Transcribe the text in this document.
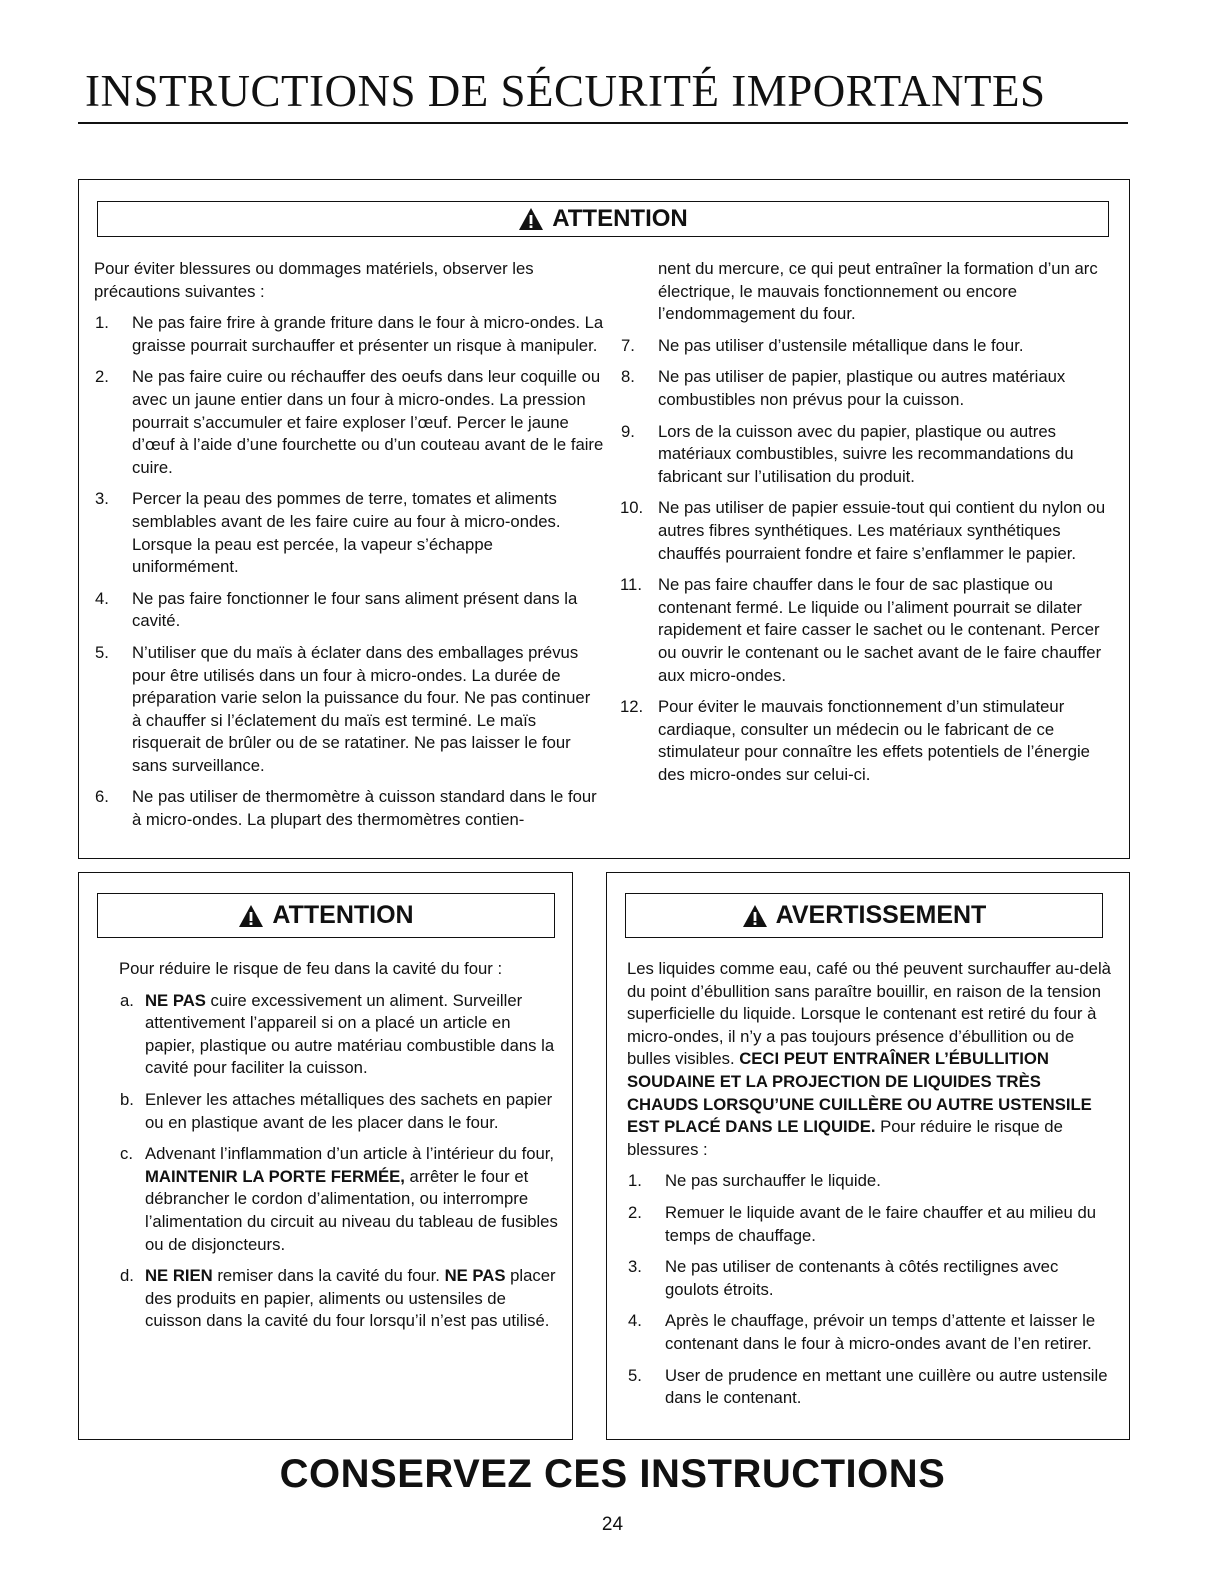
INSTRUCTIONS DE SÉCURITÉ IMPORTANTES
ATTENTION
Pour éviter blessures ou dommages matériels, observer les précautions suivantes :
1.	Ne pas faire frire à grande friture dans le four à micro-ondes. La graisse pourrait surchauffer et présenter un risque à manipuler.
2.	Ne pas faire cuire ou réchauffer des oeufs dans leur coquille ou avec un jaune entier dans un four à micro-ondes. La pression pourrait s’accumuler et faire exploser l’œuf. Percer le jaune d’œuf à l’aide d’une fourchette ou d’un couteau avant de le faire cuire.
3.	Percer la peau des pommes de terre, tomates et aliments semblables avant de les faire cuire au four à micro-ondes. Lorsque la peau est percée, la vapeur s’échappe uniformément.
4.	Ne pas faire fonctionner le four sans aliment présent dans la cavité.
5.	N’utiliser que du maïs à éclater dans des emballages prévus pour être utilisés dans un four à micro-ondes. La durée de préparation varie selon la puissance du four. Ne pas continuer à chauffer si l’éclatement du maïs est terminé. Le maïs risquerait de brûler ou de se ratatiner. Ne pas laisser le four sans surveillance.
6.	Ne pas utiliser de thermomètre à cuisson standard dans le four à micro-ondes. La plupart des thermomètres contien-
nent du mercure, ce qui peut entraîner la formation d’un arc électrique, le mauvais fonctionnement ou encore l’endommagement du four.
7.	Ne pas utiliser d’ustensile métallique dans le four.
8.	Ne pas utiliser de papier, plastique ou autres matériaux combustibles non prévus pour la cuisson.
9.	Lors de la cuisson avec du papier, plastique ou autres matériaux combustibles, suivre les recommandations du fabricant sur l’utilisation du produit.
10. Ne pas utiliser de papier essuie-tout qui contient du nylon ou autres fibres synthétiques. Les matériaux synthétiques chauffés pourraient fondre et faire s’enflammer le papier.
11. Ne pas faire chauffer dans le four de sac plastique ou contenant fermé. Le liquide ou l’aliment pourrait se dilater rapidement et faire casser le sachet ou le contenant. Percer ou ouvrir le contenant ou le sachet avant de le faire chauffer aux micro-ondes.
12. Pour éviter le mauvais fonctionnement d’un stimulateur cardiaque, consulter un médecin ou le fabricant de ce stimulateur pour connaître les effets potentiels de l’énergie des micro-ondes sur celui-ci.
ATTENTION
Pour réduire le risque de feu dans la cavité du four :
a. NE PAS cuire excessivement un aliment. Surveiller attentivement l’appareil si on a placé un article en papier, plastique ou autre matériau combustible dans la cavité pour faciliter la cuisson.
b. Enlever les attaches métalliques des sachets en papier ou en plastique avant de les placer dans le four.
c. Advenant l’inflammation d’un article à l’intérieur du four, MAINTENIR LA PORTE FERMÉE, arrêter le four et débrancher le cordon d’alimentation, ou interrompre l’alimentation du circuit au niveau du tableau de fusibles ou de disjoncteurs.
d. NE RIEN remiser dans la cavité du four. NE PAS placer des produits en papier, aliments ou ustensiles de cuisson dans la cavité du four lorsqu’il n’est pas utilisé.
AVERTISSEMENT
Les liquides comme eau, café ou thé peuvent surchauffer au-delà du point d’ébullition sans paraître bouillir, en raison de la tension superficielle du liquide. Lorsque le contenant est retiré du four à micro-ondes, il n’y a pas toujours présence d’ébullition ou de bulles visibles. CECI PEUT ENTRAÎNER L’ÉBULLITION SOUDAINE ET LA PROJECTION DE LIQUIDES TRÈS CHAUDS LORSQU’UNE CUILLÈRE OU AUTRE USTENSILE EST PLACÉ DANS LE LIQUIDE. Pour réduire le risque de blessures :
1.	Ne pas surchauffer le liquide.
2.	Remuer le liquide avant de le faire chauffer et au milieu du temps de chauffage.
3.	Ne pas utiliser de contenants à côtés rectilignes avec goulots étroits.
4.	Après le chauffage, prévoir un temps d’attente et laisser le contenant dans le four à micro-ondes avant de l’en retirer.
5.	User de prudence en mettant une cuillère ou autre ustensile dans le contenant.
CONSERVEZ CES INSTRUCTIONS
24
